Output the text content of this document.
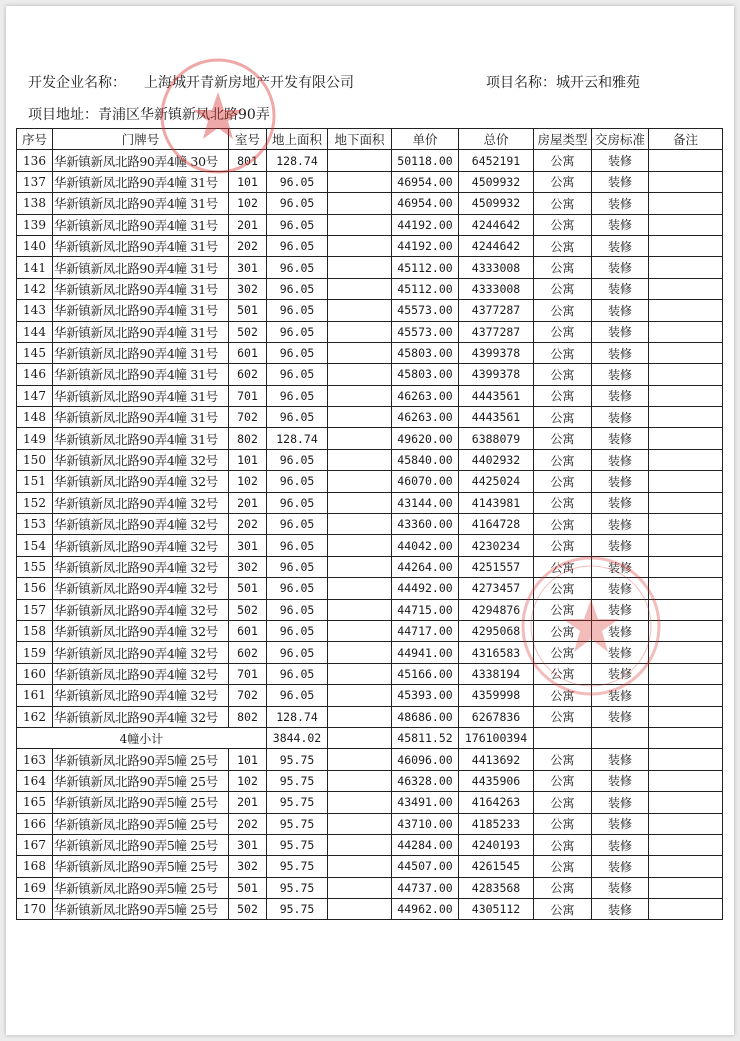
开发企业名称： 上海城开青新房地产开发有限公司	项目名称：城开云和雅苑
项目地址：青浦区华新镇新凤北路90弄
序号	门牌号	室号	地上面积	地下面积	单价	总价	房屋类型	交房标准	备注
136	华新镇新凤北路90弄4幢 30号	801	128.74		50118.00	6452191	公寓	装修	
137	华新镇新凤北路90弄4幢 31号	101	96.05		46954.00	4509932	公寓	装修	
138	华新镇新凤北路90弄4幢 31号	102	96.05		46954.00	4509932	公寓	装修	
139	华新镇新凤北路90弄4幢 31号	201	96.05		44192.00	4244642	公寓	装修	
140	华新镇新凤北路90弄4幢 31号	202	96.05		44192.00	4244642	公寓	装修	
141	华新镇新凤北路90弄4幢 31号	301	96.05		45112.00	4333008	公寓	装修	
142	华新镇新凤北路90弄4幢 31号	302	96.05		45112.00	4333008	公寓	装修	
143	华新镇新凤北路90弄4幢 31号	501	96.05		45573.00	4377287	公寓	装修	
144	华新镇新凤北路90弄4幢 31号	502	96.05		45573.00	4377287	公寓	装修	
145	华新镇新凤北路90弄4幢 31号	601	96.05		45803.00	4399378	公寓	装修	
146	华新镇新凤北路90弄4幢 31号	602	96.05		45803.00	4399378	公寓	装修	
147	华新镇新凤北路90弄4幢 31号	701	96.05		46263.00	4443561	公寓	装修	
148	华新镇新凤北路90弄4幢 31号	702	96.05		46263.00	4443561	公寓	装修	
149	华新镇新凤北路90弄4幢 31号	802	128.74		49620.00	6388079	公寓	装修	
150	华新镇新凤北路90弄4幢 32号	101	96.05		45840.00	4402932	公寓	装修	
151	华新镇新凤北路90弄4幢 32号	102	96.05		46070.00	4425024	公寓	装修	
152	华新镇新凤北路90弄4幢 32号	201	96.05		43144.00	4143981	公寓	装修	
153	华新镇新凤北路90弄4幢 32号	202	96.05		43360.00	4164728	公寓	装修	
154	华新镇新凤北路90弄4幢 32号	301	96.05		44042.00	4230234	公寓	装修	
155	华新镇新凤北路90弄4幢 32号	302	96.05		44264.00	4251557	公寓	装修	
156	华新镇新凤北路90弄4幢 32号	501	96.05		44492.00	4273457	公寓	装修	
157	华新镇新凤北路90弄4幢 32号	502	96.05		44715.00	4294876	公寓	装修	
158	华新镇新凤北路90弄4幢 32号	601	96.05		44717.00	4295068	公寓	装修	
159	华新镇新凤北路90弄4幢 32号	602	96.05		44941.00	4316583	公寓	装修	
160	华新镇新凤北路90弄4幢 32号	701	96.05		45166.00	4338194	公寓	装修	
161	华新镇新凤北路90弄4幢 32号	702	96.05		45393.00	4359998	公寓	装修	
162	华新镇新凤北路90弄4幢 32号	802	128.74		48686.00	6267836	公寓	装修	
4幢小计			3844.02		45811.52	176100394			
163	华新镇新凤北路90弄5幢 25号	101	95.75		46096.00	4413692	公寓	装修	
164	华新镇新凤北路90弄5幢 25号	102	95.75		46328.00	4435906	公寓	装修	
165	华新镇新凤北路90弄5幢 25号	201	95.75		43491.00	4164263	公寓	装修	
166	华新镇新凤北路90弄5幢 25号	202	95.75		43710.00	4185233	公寓	装修	
167	华新镇新凤北路90弄5幢 25号	301	95.75		44284.00	4240193	公寓	装修	
168	华新镇新凤北路90弄5幢 25号	302	95.75		44507.00	4261545	公寓	装修	
169	华新镇新凤北路90弄5幢 25号	501	95.75		44737.00	4283568	公寓	装修	
170	华新镇新凤北路90弄5幢 25号	502	95.75		44962.00	4305112	公寓	装修	
